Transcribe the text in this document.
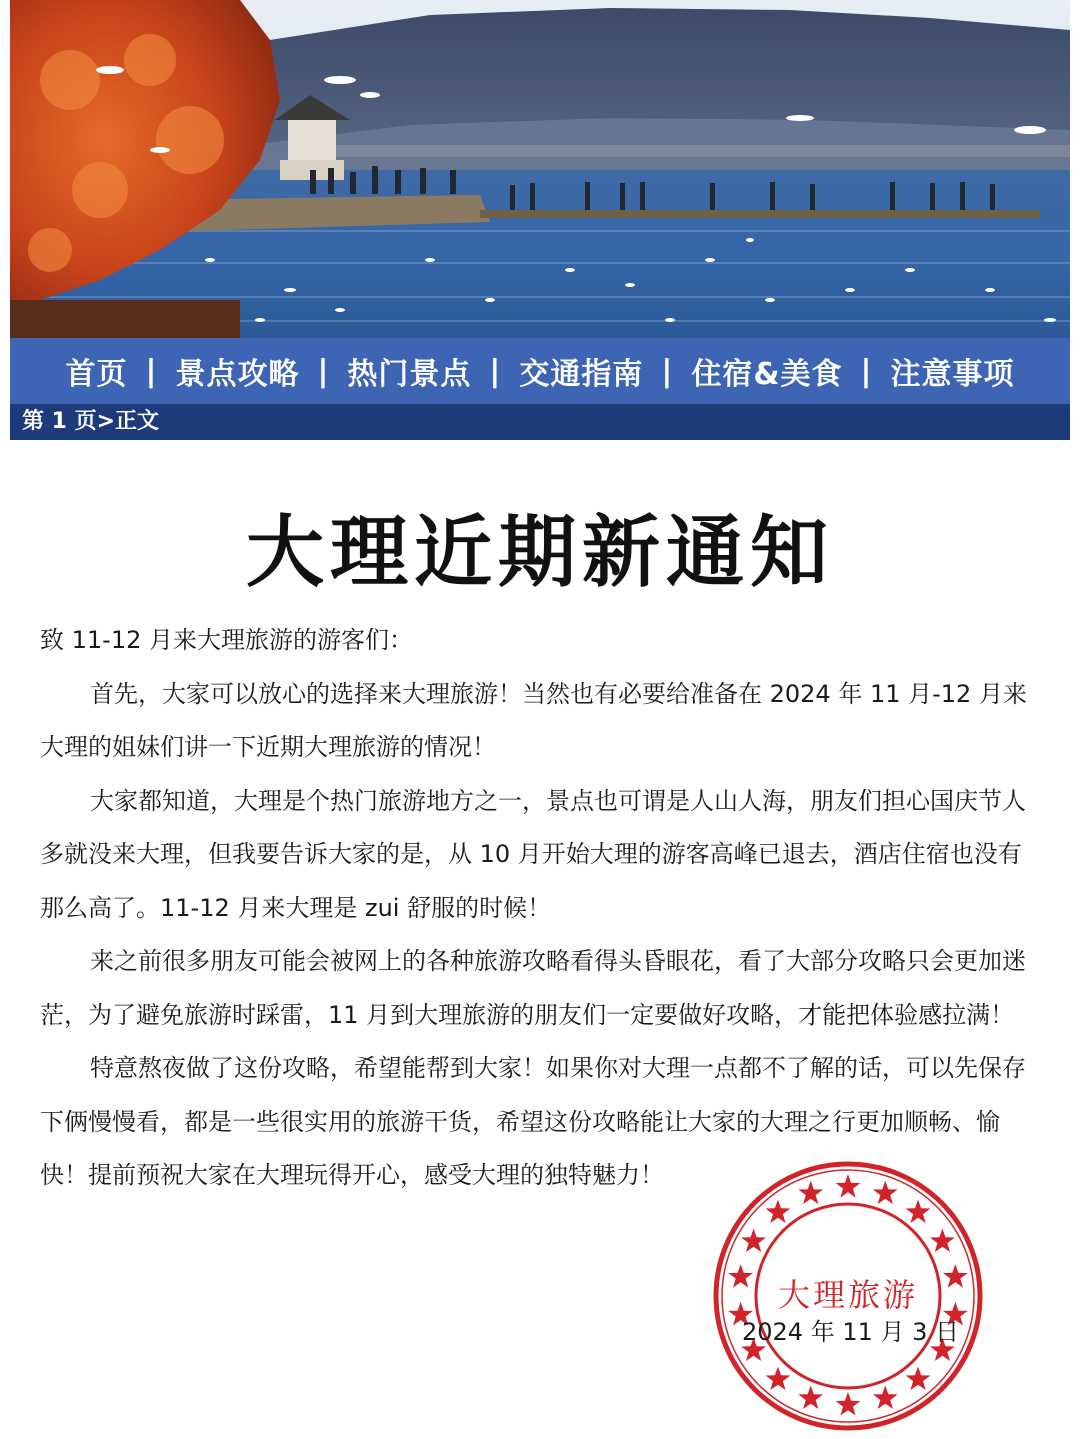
首页 | 景点攻略 | 热门景点 | 交通指南 | 住宿&美食 | 注意事项
第 1 页>正文
大理近期新通知

致 11-12 月来大理旅游的游客们：

首先，大家可以放心的选择来大理旅游！当然也有必要给准备在 2024 年 11 月-12 月来大理的姐妹们讲一下近期大理旅游的情况！

大家都知道，大理是个热门旅游地方之一，景点也可谓是人山人海，朋友们担心国庆节人多就没来大理，但我要告诉大家的是，从 10 月开始大理的游客高峰已退去，酒店住宿也没有那么高了。11-12 月来大理是 zui 舒服的时候！

来之前很多朋友可能会被网上的各种旅游攻略看得头昏眼花，看了大部分攻略只会更加迷茫，为了避免旅游时踩雷，11 月到大理旅游的朋友们一定要做好攻略，才能把体验感拉满！

特意熬夜做了这份攻略，希望能帮到大家！如果你对大理一点都不了解的话，可以先保存下俩慢慢看，都是一些很实用的旅游干货，希望这份攻略能让大家的大理之行更加顺畅、愉快！提前预祝大家在大理玩得开心，感受大理的独特魅力！

大理旅游
2024 年 11 月 3 日
